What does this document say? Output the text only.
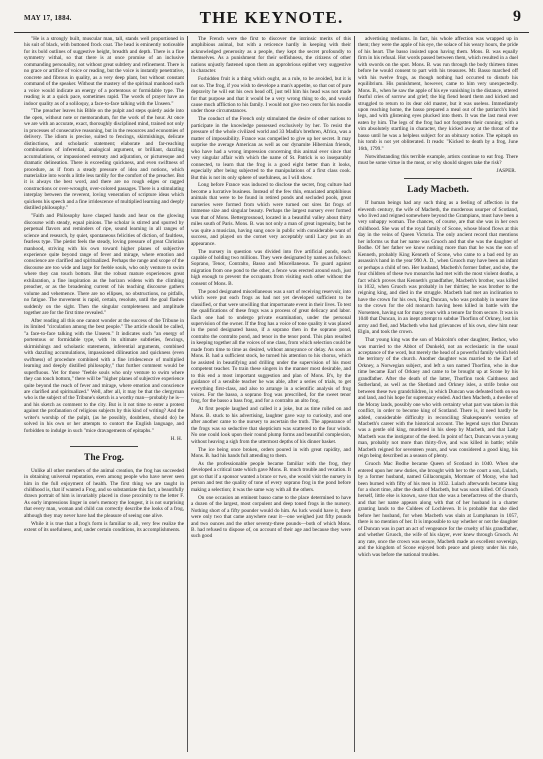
MAY 17, 1884.	THE KEYNOTE.	9

"He is a strongly built, muscular man, tall, stands well proportioned in his suit of black, with buttoned frock coat. The head is eminently noticeable for its bold outlines of suggestive height, breadth and depth. There is a fine symmetry withal, so that there is at once promise of an inclusive commanding personality, not without great subtlety and refinement. There is no grace or artifice of voice or reading, but the voice is instantly penetrative, concrete and fibrous in quality, as a very deep plant, but without constant command of the speaker. Without the mastery of the spiritual manhood such a voice would indicate an energy of a portentous or formidable type. The reading is at a quick pace, sometimes rapid. The words of prayer have an indoor quality as of a soliloquy, a face-to-face talking with the Unseen."

"The preacher leaves his Bible on the pulpit and steps quietly aside into the open, without note or memorandum, for the work of the hour. At once we are with an accurate, exact, thoroughly disciplined mind, trained not only in processes of consecutive reasoning, but in the resources and economies of delivery. The idiom is precise, suited to fencings, skirmishings, delicate distinctions, and scholastic statement; elaborate and far-reaching combinations of inferential, analogical argument, or brilliant, dazzling accumulations, or impassioned entreaty and adjuration, or picturesque and dramatic delineation. There is exceeding quickness, and even swiftness of procedure, as if from a steady pressure of idea and notions, which materialize into words a little less tardily for the comfort of the preacher. But it is always the best word, and there are no rough edges or ragged constructions or over-wrought, over-colored passages. There is a stimulating interplay between the reverent, loving veneration of scripture ideas which quickens his speech and a fine irridescence of multiplied learning and deeply distilled philosophy."

"Faith and Philosophy have clasped hands and hear on the glowing discourse with steady, equal pinions. The scholar is stirred and spurred by perpetual flavors and reminders of ripe, sound learning in all ranges of science and research, by quiet, spontaneous felicities of diction, of faultless, fearless type. The pietist feels the steady, loving pressure of great Christian manhood, striving with his own toward higher planes of subjective experience quite beyond range of fever and mirage, where emotion and conscience are clarified and spiritualized. Perhaps the range and scope of the discourse are too wide and large for feeble souls, who only venture to swim where they can touch bottom. But the robust mature experiences great exhilaration, a fine inspiration as the horizon widens with the climbing preacher, or as the broadening current of his teaching discourse gathers volume and vehemence. There are no ellipses, no obstructions, no pitfalls, no fatigue. The movement is rapid, certain, resolute, until the goal flashes suddenly on the sight. Then the singular completeness and amplitude together are for the first time revealed."

After reading all this one cannot wonder at the success of the Tribune in its limited "circulation among the best people." The article should be called, "a face-to-face talking with the Unseen." It indicates such "an energy of portentous or formidable type, with its ultimate subtleties, fencings, skirmishings and scholastic statements, inferential arguments, combined with dazzling accumulations, impassioned dilineation and quickness (even swiftness) of procedure combined with a fine irridescence of multiplied learning and deeply distilled philosophy," that further comment would be superfluous. Yet for those "feeble souls who only venture to swim where they can touch bottom," there will be "higher planes of subjective experience quite beyond the reach of fever and mirage, where emotion and conscience are clarified and spiritualized." Well, after all, it may be that the clergyman who is the subject of the Tribune's sketch is a worthy man—probably he is—and his sketch as comment to the city. But is it not time to enter a protest against the profanation of religious subjects by this kind of writing? And the writer's worship of the pulpit, (as he possibly, doubtless, should do) be solved in his own or her attempts to contort the English language, and forbidden to indulge in such "mice dravagements of epitaphs."

H. H.
The Frog.

Unlike all other members of the animal creation, the frog has succeeded in obtaining universal reputation, even among people who have never seen him in the full enjoyment of health. The first thing we are taught in childhood is, that if wanted a Frog, and so substantiate this fact, a beautifully drawn portrait of him is invariably placed in close proximity to the letter F. As early impressions linger in one's memory the longest, it is not surprising that every man, woman and child can correctly describe the looks of a frog, although they may never have had the pleasure of seeing one alive.

While it is true that a frog's form is familiar to all, very few realize the extent of its usefulness, and, under certain conditions, its accomplishments.

The French were the first to discover the intrinsic merits of this amphibious animal, but with a reticence hardly in keeping with their acknowledged generosity as a people, they kept the secret profoundly to themselves. As a punishment for their selfishness, the citizens of other nations unjustly fastened upon them an approbrious epithet very suggestive in character.

Forbidden fruit is a thing which ought, as a rule, to be avoided, but it is not so. The frog, if you wish to develope a man's appetite, so that out of pure depravity he will eat his own head off, just tell him his head was not made for that purpose and that it would be a very wrong thing to do, and would cause much affliction to his family. I would not give two cents for his noodle under those circumstances.

The conduct of the French only stimulated the desire of other nations to participate in the knowledge possessed exclusively by her. To resist the pressure of the whole civilized world and 33 Madla's brethren, Africa, was a matter of impossibility. France was compelled to give up her secret. It may surprise the average American as well as our dynamite Hibernian friends, who have had a wrong impression concerning this animal ever since that very singular affair with which the name of St. Patrick is so inseparably connected, to learn that the frog is a good eight better than it looks, especially after being subjected to the manipulations of a first class cook. But this is not its only sphere of usefulness, as I will show.

Long before France was induced to disclose the secret, frog culture had become a lucrative business. Instead of the few thin, emaciated amphibious animals that were to be found in retired ponds and secluded pools, great nurseries were formed from which were turned out sires fat frogs of immense size and singular beauty. Perhaps the largest nursery ever formed was that of Mons. Bettergrosnoud, located in a beautiful valley about thirty miles south of Paris. Mons. B. was not only a man of great ingenuity, but he was quite a musician, having sung once in public with considerable want of success, and played on the cornet very acceptably until Lacy put in an appearance.

The nursery in question was divided into five artificial ponds, each capable of holding two millions. They were designated by names as follows: Soprano, Tenor, Contralto, Basso and Miscellaneous. To guard against migration from one pond to the other, a fence was erected around each, just high enough to prevent the occupants from visiting each other without the consent of Mons. B.

The pond designated miscellaneous was a sort of receiving reservoir, into which were put each frogs as had not yet developed sufficient to be classified, or that were unwilling that importunate event in their lives. To test the qualifications of these frogs was a process of great delicacy and labor. Each one had to undergo private examination, under the personal supervision of the owner. If the frog has a voice of tone quality it was placed in the pond designated basso, if a soprano then in the soprano pond, contralto the contralto pond, and tenor in the tenor pond. This plan resulted in keeping together all the voices of one class, from which selection could be made from time to time as desired, without annoyance or delay. As soon as Mons. B. had a sufficient stock, he turned his attention to his chorus, which he assisted in beautifying and drilling under the supervision of his most competent teacher. To train these singers in the manner most desirable, and to this end a most important suggestion and plan of Mons. B's, by the guidance of a sensible teacher he was able, after a series of trials, to get everything first-class, and also to arrange in a scientific analysis of frog voices. For the basso, a soprano frog was prescribed, for the sweet tenor frog, for the basso a bass frog, and for a contralto an alto frog.

At first people laughed and called it a joke, but as time rolled on and Mons. B. stuck to his advertising, laughter gave way to curiosity, and one after another came to the nursery to ascertain the truth. The appearance of the frogs was so seductive that skepticism was scattered to the four winds. No one could look upon their round plump forms and beautiful complexion, without heaving a sigh from the uttermost depths of his dinner basket.

The ice being once broken, orders poured in with great rapidity, and Mons. B. had his hands full attending to them.

As the professionable people became familiar with the frog, they developed a critical taste which gave Mons. B. much trouble and vexation. It got so that if a sponsor wanted a brace or two, she would visit the nursery in person and test the quality of tone of every soprano frog in the pond before making a selection; it was the same way with all the others.

On one occasion an eminent basso came to the place determined to have a dozen of the largest, most corpulent and deep toned frogs in the nursery. Nothing short of a fifty pounder would do him. As luck would have it, there were only two that came anywhere near it—one weighed just fifty pounds and two ounces and the other seventy-three pounds—both of which Mons. B. had refused to dispose of, on account of their age and because they were such good

advertising mediums. In fact, his whole affection was wrapped up in them; they were the apple of his eye, the solace of his weary hours, the pride of his heart. The basso insisted upon having them. Mons. B. was equally firm in his refusal. Hot words passed between them, which resulted in a duel with swords on the spot. Mons. B. was run through the body thirteen times before he would consent to part with his treasures. Mr. Basso marched off with his twelve frogs, as though nothing had occurred to disturb his equilibrium. His punishment, however, came to him very unexpectedly. Mons. B., when he saw the apple of his eye vanishing in the distance, uttered fearful cries of sorrow and grief; the big fiend heard them and kicked and struggled to return to its dear old master, but it was useless. Immediately upon reaching home, the basso prepared a meal out of the patriarch's hind legs, and with glistening eyes plucked into them. It was the last meal ever eaten by him. The legs of the frog had not forgotten their cunning; with a vim absolutely startling in character, they kicked away at the throat of the basso until he was a helpless subject for an obituary notice. The epitaph on his tomb is not yet obliterated. It reads: "Kicked to death by a frog, June 16th, 1799."

Notwithstanding this terrible example, artists continue to eat frog. There must be some virtue in the meat, or why should singers take the risk?

JASPER.
Lady Macbeth.

If human beings had any such thing as a feeling of affection in the eleventh century, the wife of Macbeth, the murderous usurper of Scotland, who lived and reigned somewhere beyond the Grampians, must have been a very unhappy woman. The chances, of course, are that she was in her own childhood. She was of the royal family of Scone, whose blood flows at this day in the veins of Queen Victoria. The only ancient record that mentions her informs us that her name was Gruoch and that she was the daughter of Bodhe. Of her father we know nothing more than that he was the son of Kenneth, probably King Kenneth of Scone, who came to a bad end by an assassin's hand in the year 990 A. D., when Gruoch may have been an infant or perhaps a child of ten. Her husband, Macbeth's former father, and she, the four children of these two monarchs had met with the most violent deaths, a fact which proves that Kenneth's grandfather, Macbeth's brother, was killed in 1032, when Gruoch was probably in her thirties; he was brother to the reigning king, and died in the struggle. Macbeth had met an inclination to have the crown for his own, King Duncan, who was probably in nearer line to the crown for the old monarch having been killed in battle with the Norsemen, having sat for many years with a tenure far from secure. It was in 1040 that Duncan, in an inept attempt to subdue Thorfinn of Orkney, lost his army and fled, and Macbeth who had grievances of his own, slew him near Elgin, and took the crown.

That young king was the son of Malcolm's other daughter, Bethoc, who was married to the Abbot of Dunkeld, not an ecclesiastic in the usual acceptance of the word, but merely the head of a powerful family which held the territory of the church. Another daughter was married to the Earl of Orkney, a Norwegian subject, and left a son named Thorfinn, who in due time became Earl of Orkney and came to be brought up at Scone by his grandfather. After the death of the latter, Thorfinn took Caithness and Sutherland, as well as the Shetland and Orkney isles, a strife broke out between these two grandchildren, in which Duncan was defeated both on sea and land, and his hope for supremacy ended. And then Macbeth, a dweller of the Moray lands, possibly one who with certainty what part was taken in this conflict, in order to become king of Scotland. There is, it need hardly be added, considerable difficulty in reconciling Shakespeare's version of Macbeth's career with the historical account. The legend says that Duncan was a gentle old king, murdered in his sleep by Macbeth, and that Lady Macbeth was the instigator of the deed. In point of fact, Duncan was a young man, probably not more than thirty-five, and was killed in battle; while Macbeth reigned for seventeen years, and was considered a good king, his reign being described as a season of plenty.

Gruoch Mac Bodhe became Queen of Scotland in 1040. When she entered upon her new duties, she brought with her to the court a son, Lulach, by a former husband, named Gillacomgain, Mormaer of Moray, who had been burned with fifty of his men in 1032. Lulach afterwards became king for a short time, after the death of Macbeth, but was soon killed. Of Gruoch herself, little else is known, save that she was a benefactress of the church, and that her name appears along with that of her husband in a charter granting lands to the Culdees of Lochleven. It is probable that she died before her husband, for when Macbeth was slain at Lumphanan in 1057, there is no mention of her. It is impossible to say whether or not the daughter of Duncan was in part an act of vengeance for the cruelty of his grandfather, and whether Gruoch, the wife of his slayer, ever knew through Gruoch. At any rate, once the crown was secure, Macbeth made an excellent sovereign, and the kingdom of Scone enjoyed both peace and plenty under his rule, which was before the national troubles.
